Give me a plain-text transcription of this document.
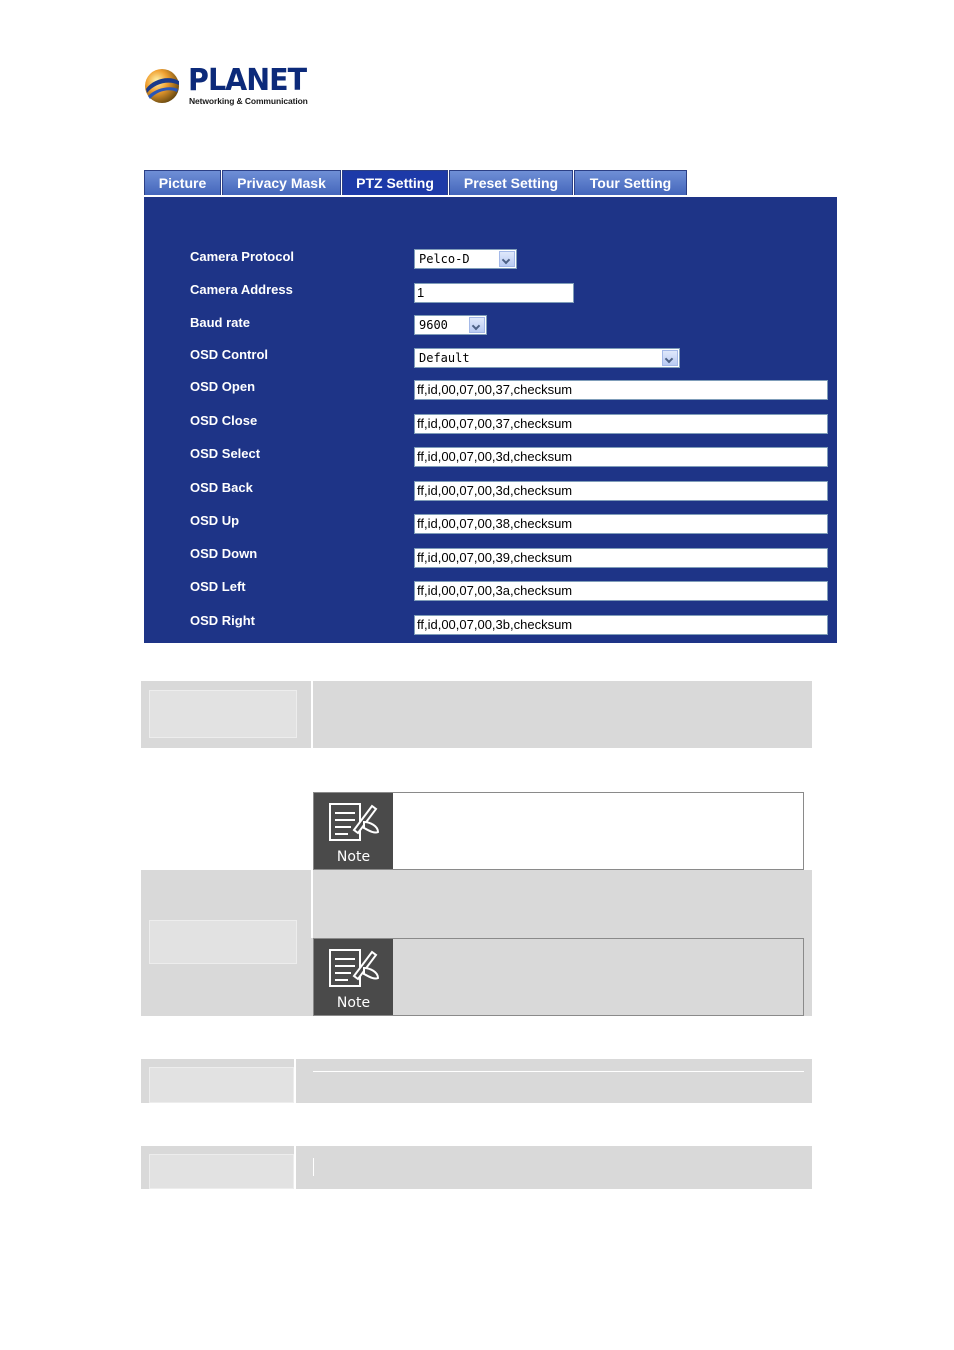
PLANET
Networking & Communication
Picture	Privacy Mask	PTZ Setting	Preset Setting	Tour Setting
Camera Protocol	Pelco-D
Camera Address	1
Baud rate	9600
OSD Control	Default
OSD Open	ff,id,00,07,00,37,checksum
OSD Close	ff,id,00,07,00,37,checksum
OSD Select	ff,id,00,07,00,3d,checksum
OSD Back	ff,id,00,07,00,3d,checksum
OSD Up	ff,id,00,07,00,38,checksum
OSD Down	ff,id,00,07,00,39,checksum
OSD Left	ff,id,00,07,00,3a,checksum
OSD Right	ff,id,00,07,00,3b,checksum
Note
Note
